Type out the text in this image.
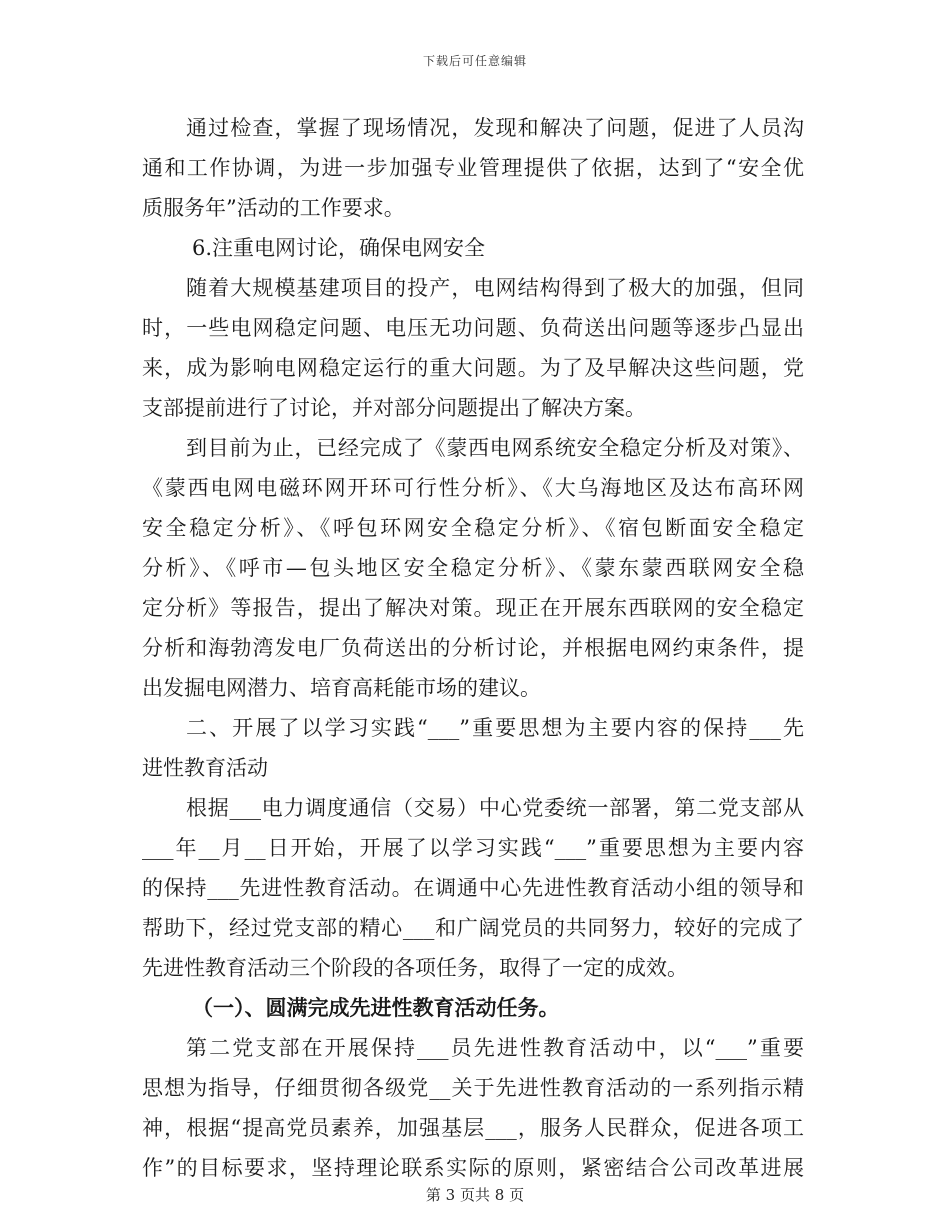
下载后可任意编辑
通过检查，掌握了现场情况，发现和解决了问题，促进了人员沟
通和工作协调，为进一步加强专业管理提供了依据，达到了“安全优
质服务年”活动的工作要求。
6.注重电网讨论，确保电网安全
随着大规模基建项目的投产，电网结构得到了极大的加强，但同
时，一些电网稳定问题、电压无功问题、负荷送出问题等逐步凸显出
来，成为影响电网稳定运行的重大问题。为了及早解决这些问题，党
支部提前进行了讨论，并对部分问题提出了解决方案。
到目前为止，已经完成了《蒙西电网系统安全稳定分析及对策》、
《蒙西电网电磁环网开环可行性分析》、《大乌海地区及达布高环网
安全稳定分析》、《呼包环网安全稳定分析》、《宿包断面安全稳定
分析》、《呼市—包头地区安全稳定分析》、《蒙东蒙西联网安全稳
定分析》等报告，提出了解决对策。现正在开展东西联网的安全稳定
分析和海勃湾发电厂负荷送出的分析讨论，并根据电网约束条件，提
出发掘电网潜力、培育高耗能市场的建议。
二、开展了以学习实践“___”重要思想为主要内容的保持___先
进性教育活动
根据___电力调度通信（交易）中心党委统一部署，第二党支部从
___年__月__日开始，开展了以学习实践“___”重要思想为主要内容
的保持___先进性教育活动。在调通中心先进性教育活动小组的领导和
帮助下，经过党支部的精心___和广阔党员的共同努力，较好的完成了
先进性教育活动三个阶段的各项任务，取得了一定的成效。
（一）、圆满完成先进性教育活动任务。
第二党支部在开展保持___员先进性教育活动中，以“___”重要
思想为指导，仔细贯彻各级党__关于先进性教育活动的一系列指示精
神，根据“提高党员素养，加强基层___，服务人民群众，促进各项工
作”的目标要求，坚持理论联系实际的原则，紧密结合公司改革进展
第 3 页共 8 页
